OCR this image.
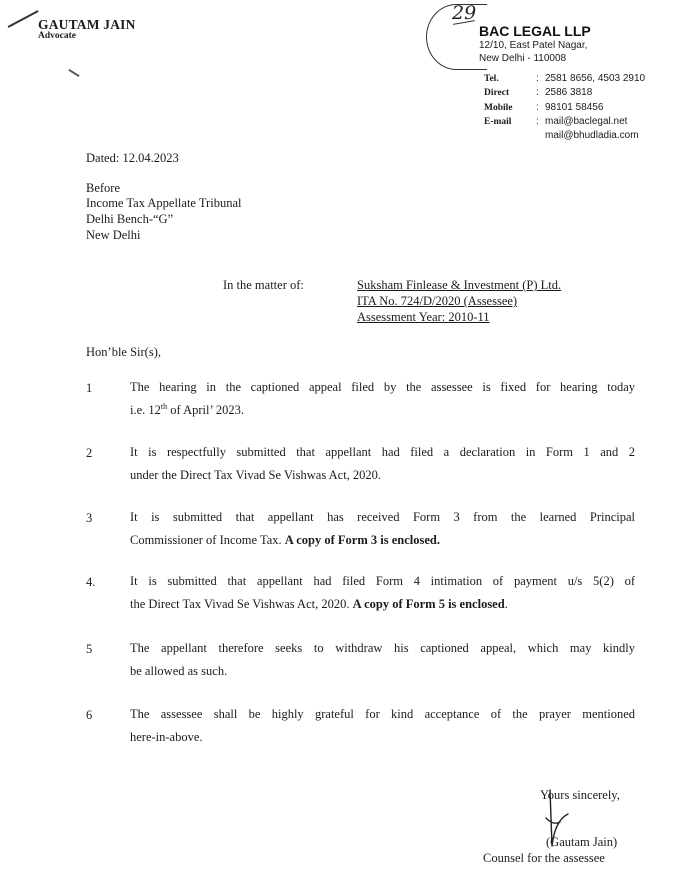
GAUTAM JAIN
Advocate
29
BAC LEGAL LLP
12/10, East Patel Nagar,
New Delhi - 110008
Tel.	: 2581 8656, 4503 2910
Direct	: 2586 3818
Mobile : 98101 58456
E-mail : mail@baclegal.net
mail@bhudladia.com
Dated: 12.04.2023
Before
Income Tax Appellate Tribunal
Delhi Bench-“G”
New Delhi
In the matter of:	Suksham Finlease & Investment (P) Ltd.
ITA No. 724/D/2020 (Assessee)
Assessment Year: 2010-11
Hon’ble Sir(s),
1	The hearing in the captioned appeal filed by the assessee is fixed for hearing today
i.e. 12th of April’ 2023.
2	It is respectfully submitted that appellant had filed a declaration in Form 1 and 2
under the Direct Tax Vivad Se Vishwas Act, 2020.
3	It is submitted that appellant has received Form 3 from the learned Principal
Commissioner of Income Tax. A copy of Form 3 is enclosed.
4.	It is submitted that appellant had filed Form 4 intimation of payment u/s 5(2) of
the Direct Tax Vivad Se Vishwas Act, 2020. A copy of Form 5 is enclosed.
5	The appellant therefore seeks to withdraw his captioned appeal, which may kindly
be allowed as such.
6	The assessee shall be highly grateful for kind acceptance of the prayer mentioned
here-in-above.
Yours sincerely,
(Gautam Jain)
Counsel for the assessee
